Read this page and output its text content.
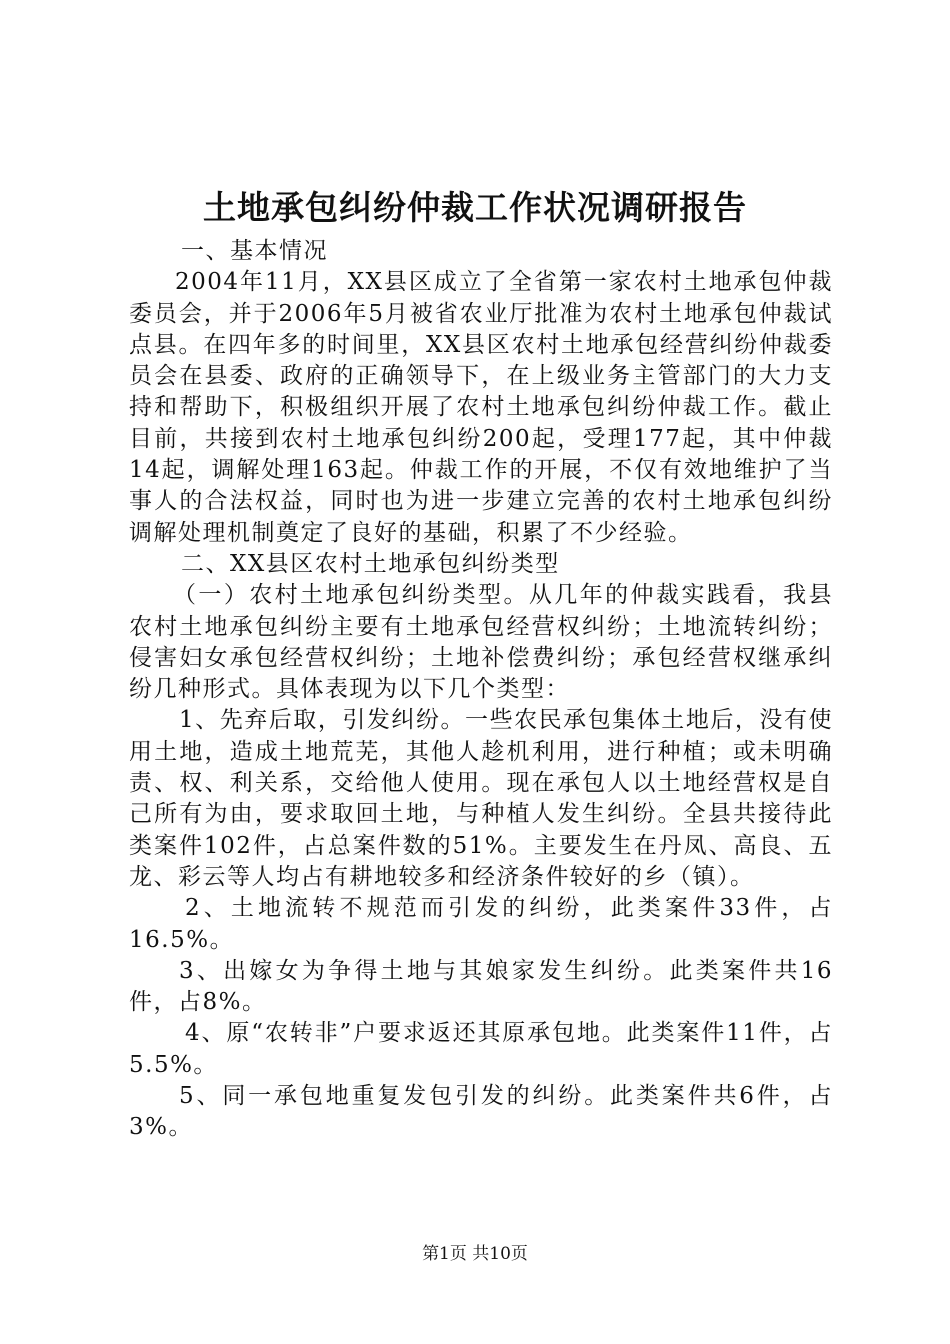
土地承包纠纷仲裁工作状况调研报告

一、基本情况

2004年11月，XX县区成立了全省第一家农村土地承包仲裁委员会，并于2006年5月被省农业厅批准为农村土地承包仲裁试点县。在四年多的时间里，XX县区农村土地承包经营纠纷仲裁委员会在县委、政府的正确领导下，在上级业务主管部门的大力支持和帮助下，积极组织开展了农村土地承包纠纷仲裁工作。截止目前，共接到农村土地承包纠纷200起，受理177起，其中仲裁14起，调解处理163起。仲裁工作的开展，不仅有效地维护了当事人的合法权益，同时也为进一步建立完善的农村土地承包纠纷调解处理机制奠定了良好的基础，积累了不少经验。

二、XX县区农村土地承包纠纷类型

（一）农村土地承包纠纷类型。从几年的仲裁实践看，我县农村土地承包纠纷主要有土地承包经营权纠纷；土地流转纠纷；侵害妇女承包经营权纠纷；土地补偿费纠纷；承包经营权继承纠纷几种形式。具体表现为以下几个类型：

1、先弃后取，引发纠纷。一些农民承包集体土地后，没有使用土地，造成土地荒芜，其他人趁机利用，进行种植；或未明确责、权、利关系，交给他人使用。现在承包人以土地经营权是自己所有为由，要求取回土地，与种植人发生纠纷。全县共接待此类案件102件，占总案件数的51%。主要发生在丹凤、高良、五龙、彩云等人均占有耕地较多和经济条件较好的乡（镇）。

2、土地流转不规范而引发的纠纷，此类案件33件，占16.5%。

3、出嫁女为争得土地与其娘家发生纠纷。此类案件共16件，占8%。

4、原“农转非”户要求返还其原承包地。此类案件11件，占5.5%。

5、同一承包地重复发包引发的纠纷。此类案件共6件，占3%。

第1页 共10页
